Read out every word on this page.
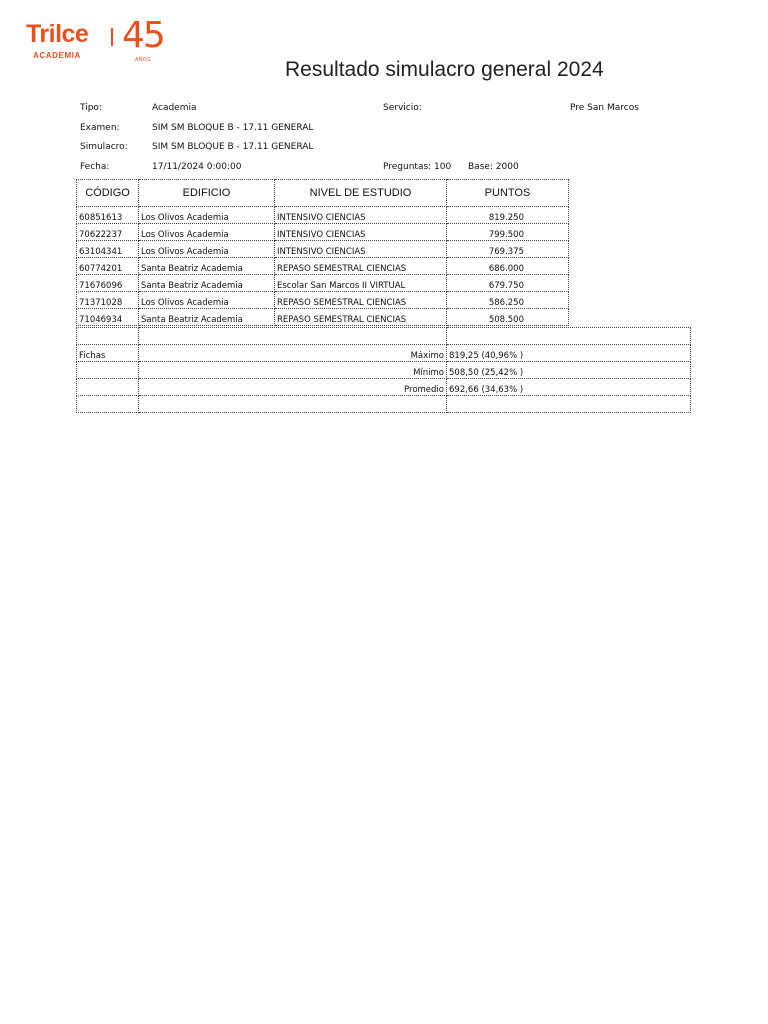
Trilce
ACADEMIA 45
AÑOS	Resultado simulacro general 2024
Tipo:	Academia	Servicio:	Pre San Marcos
Examen:	SIM SM BLOQUE B - 17.11 GENERAL
Simulacro:	SIM SM BLOQUE B - 17.11 GENERAL
Fecha:	17/11/2024 0:00:00	Preguntas: 100 Base: 2000
CÓDIGO	EDIFICIO	NIVEL DE ESTUDIO	PUNTOS
60851613	Los Olivos Academia	INTENSIVO CIENCIAS	819.250
70622237	Los Olivos Academia	INTENSIVO CIENCIAS	799.500
63104341	Los Olivos Academia	INTENSIVO CIENCIAS	769.375
60774201	Santa Beatriz Academia	REPASO SEMESTRAL CIENCIAS	686.000
71676096	Santa Beatriz Academia	Escolar San Marcos II VIRTUAL	679.750
71371028	Los Olivos Academia	REPASO SEMESTRAL CIENCIAS	586.250
71046934	Santa Beatriz Academia	REPASO SEMESTRAL CIENCIAS	508.500

Fichas	Máximo	819,25 (40,96% )
	Mínimo	508,50 (25,42% )
	Promedio	692,66 (34,63% )
